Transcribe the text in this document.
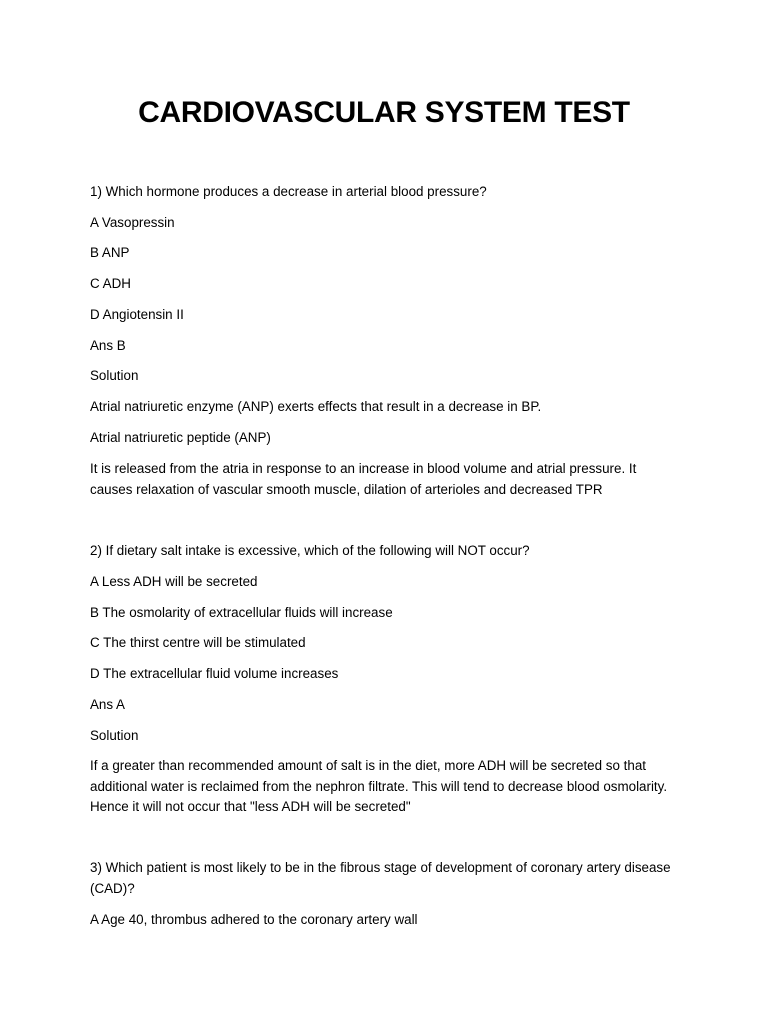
CARDIOVASCULAR SYSTEM TEST
1) Which hormone produces a decrease in arterial blood pressure?
A Vasopressin
B ANP
C ADH
D Angiotensin II
Ans B
Solution
Atrial natriuretic enzyme (ANP) exerts effects that result in a decrease in BP.
Atrial natriuretic peptide (ANP)
It is released from the atria in response to an increase in blood volume and atrial pressure. It causes relaxation of vascular smooth muscle, dilation of arterioles and decreased TPR
2) If dietary salt intake is excessive, which of the following will NOT occur?
A Less ADH will be secreted
B The osmolarity of extracellular fluids will increase
C The thirst centre will be stimulated
D The extracellular fluid volume increases
Ans A
Solution
If a greater than recommended amount of salt is in the diet, more ADH will be secreted so that additional water is reclaimed from the nephron filtrate. This will tend to decrease blood osmolarity. Hence it will not occur that "less ADH will be secreted"
3) Which patient is most likely to be in the fibrous stage of development of coronary artery disease (CAD)?
A Age 40, thrombus adhered to the coronary artery wall
